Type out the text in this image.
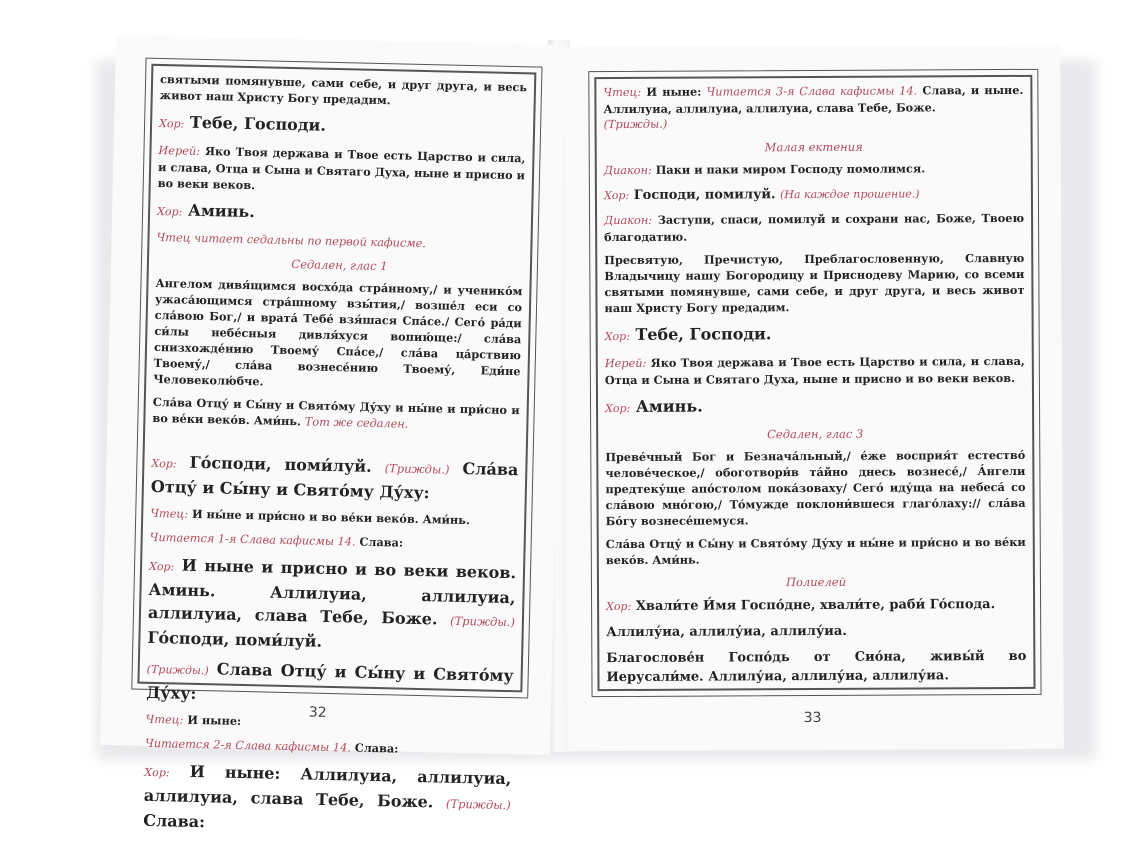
святыми помянувше, сами себе, и друг друга, и весь живот наш Христу Богу предадим.

Хор: Тебе, Господи.

Иерей: Яко Твоя держава и Твое есть Царство и сила, и слава, Отца и Сына и Святаго Духа, ныне и присно и во веки веков.

Хор: Аминь.

Чтец читает седальны по первой кафисме.

Седален, глас 1

Ангелом дивя́щимся восхо́да стра́нному,/ и ученико́м ужаса́ющимся стра́шному взы́тия,/ возше́л еси со сла́вою Бог,/ и врата́ Тебе́ взя́шася Спа́се./ Сего́ ра́ди си́лы небе́сныя дивля́хуся вопию́ще:/ сла́ва снизхожде́нию Твоему́ Спа́се,/ сла́ва ца́рствию Твоему́,/ сла́ва вознесе́нию Твоему́, Еди́не Человеколю́бче.

Сла́ва Отцу́ и Сы́ну и Свято́му Ду́ху и ны́не и при́сно и во ве́ки веко́в. Ами́нь. Тот же седален.

Хор: Го́споди, поми́луй. (Трижды.) Сла́ва Отцу́ и Сы́ну и Свято́му Ду́ху:

Чтец: И ны́не и при́сно и во ве́ки веко́в. Ами́нь.

Читается 1-я Слава кафисмы 14. Слава:

Хор: И ныне и присно и во веки веков. Аминь. Аллилуиа, аллилуиа, аллилуиа, слава Тебе, Боже. (Трижды.) Го́споди, поми́луй.

(Трижды.) Слава Отцу́ и Сы́ну и Свято́му Ду́ху:

Чтец: И ныне:

Читается 2-я Слава кафисмы 14. Слава:

Хор: И ныне: Аллилуиа, аллилуиа, аллилуиа, слава Тебе, Боже. (Трижды.) Слава:

32

Чтец: И ныне: Читается 3-я Слава кафисмы 14. Слава, и ныне. Аллилуиа, аллилуиа, аллилуиа, слава Тебе, Боже.

(Трижды.)

Малая ектения

Диакон: Паки и паки миром Господу помолимся.

Хор: Господи, помилуй. (На каждое прошение.)

Диакон: Заступи, спаси, помилуй и сохрани нас, Боже, Твоею благодатию.

Пресвятую, Пречистую, Преблагословенную, Славную Владычицу нашу Богородицу и Приснодеву Марию, со всеми святыми помянувше, сами себе, и друг друга, и весь живот наш Христу Богу предадим.

Хор: Тебе, Господи.

Иерей: Яко Твоя держава и Твое есть Царство и сила, и слава, Отца и Сына и Святаго Духа, ныне и присно и во веки веков.

Хор: Аминь.

Седален, глас 3

Преве́чный Бог и Безнача́льный,/ е́же восприя́т естество́ челове́ческое,/ обоготвори́в та́йно днесь вознесе́,/ А́нгели предтеку́ще апо́столом пока́зоваху/ Сего́ иду́ща на небеса́ со сла́вою мно́гою,/ То́мужде поклони́вшеся глаго́лаху:// сла́ва Бо́гу вознесе́шемуся.

Сла́ва Отцу́ и Сы́ну и Свято́му Ду́ху и ны́не и при́сно и во ве́ки веко́в. Ами́нь.

Полиелей

Хор: Хвали́те И́мя Госпо́дне, хвали́те, раби́ Го́спода.

Аллилу́иа, аллилу́иа, аллилу́иа.

Благослове́н Госпо́дь от Сио́на, живы́й во Иерусали́ме. Аллилу́иа, аллилу́иа, аллилу́иа.

33
